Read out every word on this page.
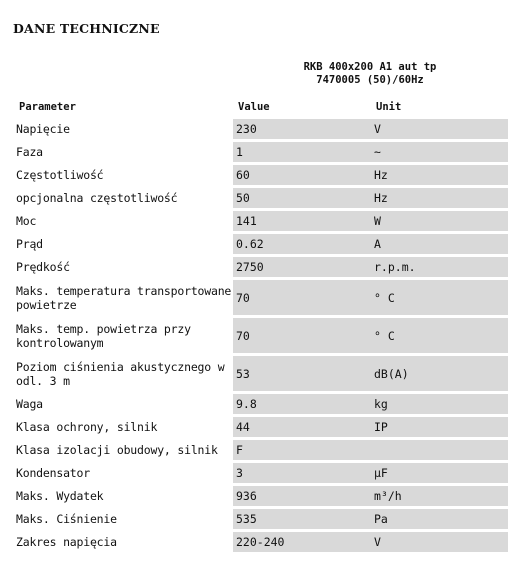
DANE TECHNICZNE
RKB 400x200 A1 aut tp
7470005 (50)/60Hz
Parameter	Value	Unit
Napięcie	230	V
Faza	1	~
Częstotliwość	60	Hz
opcjonalna częstotliwość	50	Hz
Moc	141	W
Prąd	0.62	A
Prędkość	2750	r.p.m.
Maks. temperatura transportowane powietrze	70	° C
Maks. temp. powietrza przy kontrolowanym	70	° C
Poziom ciśnienia akustycznego w odl. 3 m	53	dB(A)
Waga	9.8	kg
Klasa ochrony, silnik	44	IP
Klasa izolacji obudowy, silnik	F
Kondensator	3	μF
Maks. Wydatek	936	m³/h
Maks. Ciśnienie	535	Pa
Zakres napięcia	220-240	V
